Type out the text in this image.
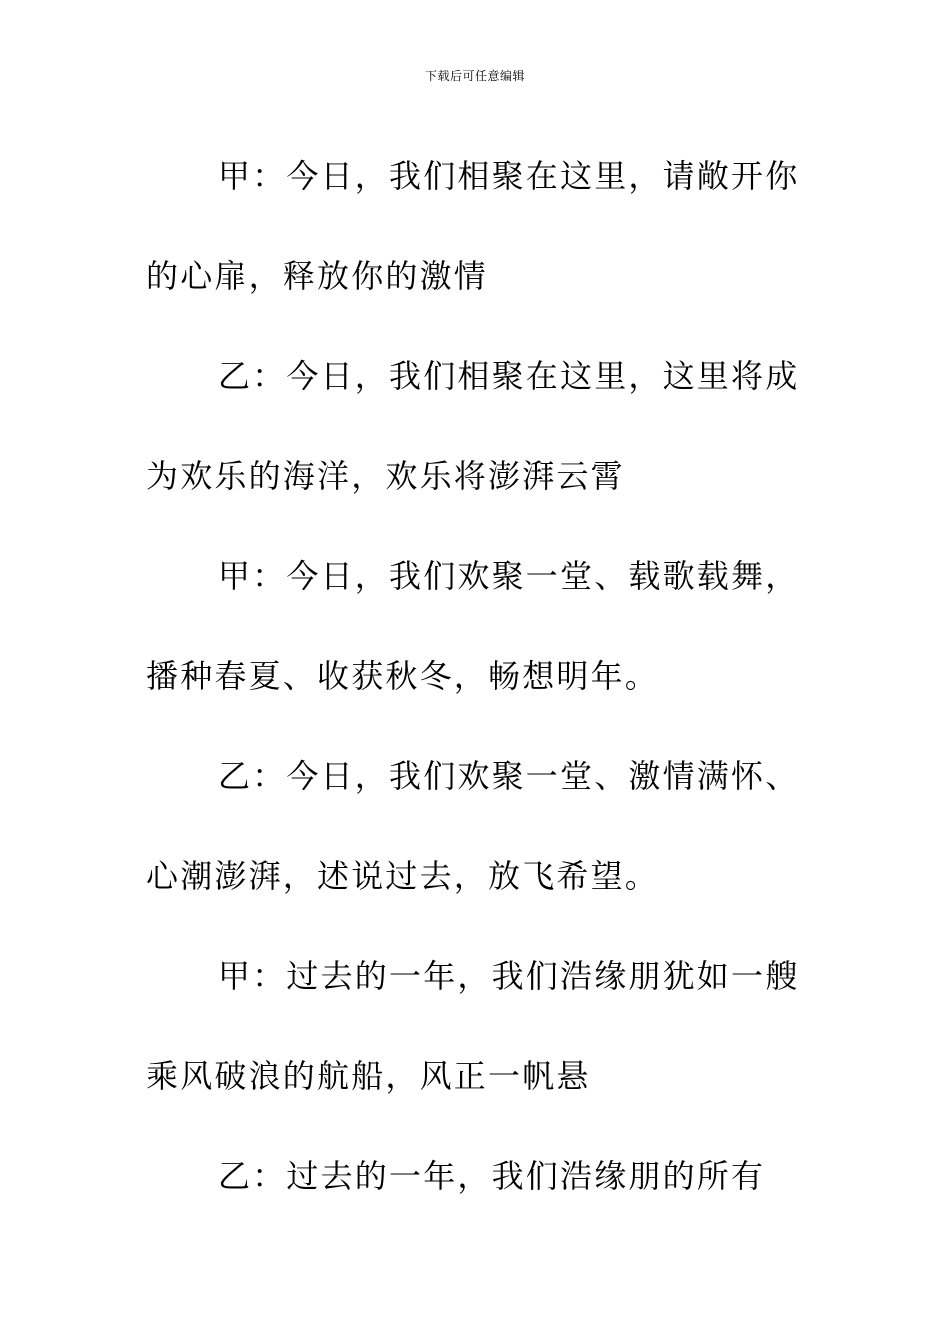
下载后可任意编辑

甲：今日，我们相聚在这里，请敞开你的心扉，释放你的激情

乙：今日，我们相聚在这里，这里将成为欢乐的海洋，欢乐将澎湃云霄

甲：今日，我们欢聚一堂、载歌载舞，播种春夏、收获秋冬，畅想明年。

乙：今日，我们欢聚一堂、激情满怀、心潮澎湃，述说过去，放飞希望。

甲：过去的一年，我们浩缘朋犹如一艘乘风破浪的航船，风正一帆悬

乙：过去的一年，我们浩缘朋的所有
